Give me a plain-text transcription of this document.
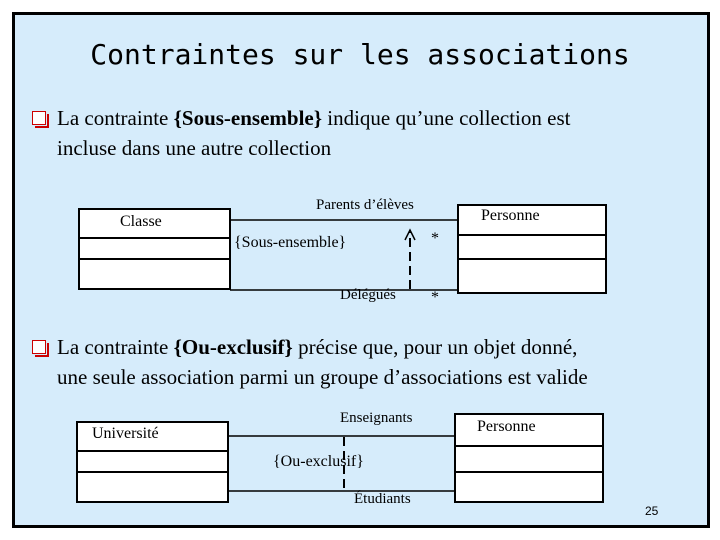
Contraintes sur les associations
La contrainte {Sous-ensemble} indique qu’une collection est
incluse dans une autre collection
Classe	Personne
Parents d’élèves
{Sous-ensemble}	*
Délégués *
La contrainte {Ou-exclusif} précise que, pour un objet donné,
une seule association parmi un groupe d’associations est valide
Université	Personne
Enseignants
{Ou-exclusif}
Étudiants
25
